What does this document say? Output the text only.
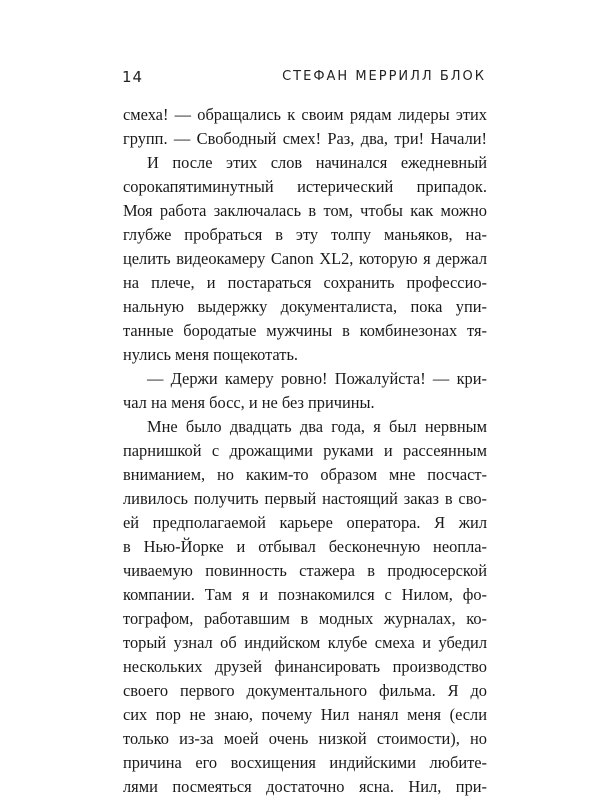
14	СТЕФАН МЕРРИЛЛ БЛОК
смеха! — обращались к своим рядам лидеры этих
групп. — Свободный смех! Раз, два, три! Начали!
И после этих слов начинался ежедневный
сорокапятиминутный истерический припадок.
Моя работа заключалась в том, чтобы как можно
глубже пробраться в эту толпу маньяков, на-
целить видеокамеру Canon XL2, которую я держал
на плече, и постараться сохранить профессио-
нальную выдержку документалиста, пока упи-
танные бородатые мужчины в комбинезонах тя-
нулись меня пощекотать.
— Держи камеру ровно! Пожалуйста! — кри-
чал на меня босс, и не без причины.
Мне было двадцать два года, я был нервным
парнишкой с дрожащими руками и рассеянным
вниманием, но каким-то образом мне посчаст-
ливилось получить первый настоящий заказ в сво-
ей предполагаемой карьере оператора. Я жил
в Нью-Йорке и отбывал бесконечную неопла-
чиваемую повинность стажера в продюсерской
компании. Там я и познакомился с Нилом, фо-
тографом, работавшим в модных журналах, ко-
торый узнал об индийском клубе смеха и убедил
нескольких друзей финансировать производство
своего первого документального фильма. Я до
сих пор не знаю, почему Нил нанял меня (если
только из-за моей очень низкой стоимости), но
причина его восхищения индийскими любите-
лями посмеяться достаточно ясна. Нил, при-
